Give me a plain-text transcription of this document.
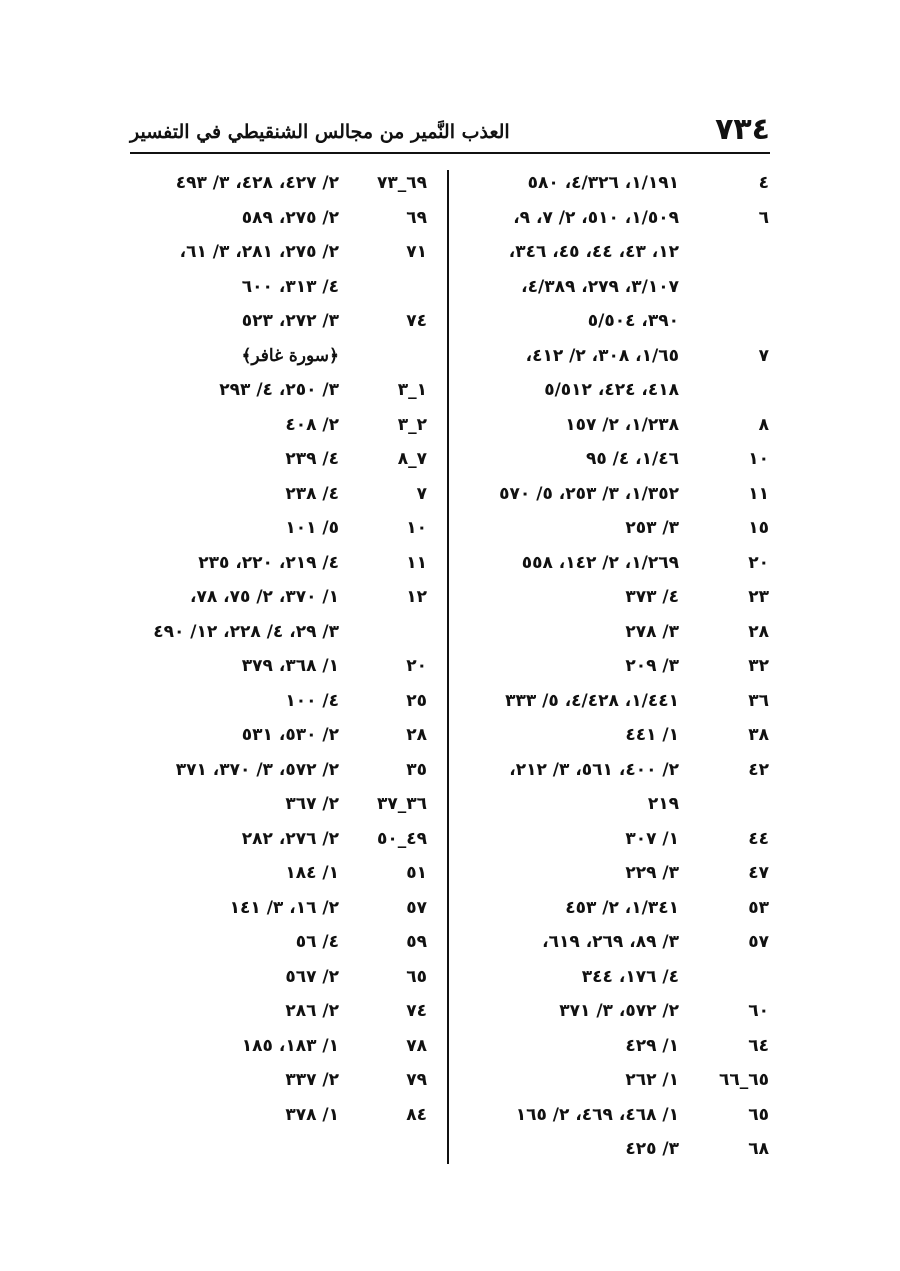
٧٣٤
العذب النَّمير من مجالس الشنقيطي في التفسير
٤
١/١٩١، ٤/٣٢٦، ٥٨٠
٦
١/٥٠٩، ٥١٠، ٢/ ٧، ٩،
١٢، ٤٣، ٤٤، ٤٥، ٣٤٦،
٣/١٠٧، ٢٧٩، ٤/٣٨٩،
٣٩٠، ٥/٥٠٤
٧
١/٦٥، ٣٠٨، ٢/ ٤١٢،
٤١٨، ٤٢٤، ٥/٥١٢
٨
١/٢٣٨، ٢/ ١٥٧
١٠
١/٤٦، ٤/ ٩٥
١١
١/٣٥٢، ٣/ ٢٥٣، ٥/ ٥٧٠
١٥
٣/ ٢٥٣
٢٠
١/٢٦٩، ٢/ ١٤٢، ٥٥٨
٢٣
٤/ ٣٧٣
٢٨
٣/ ٢٧٨
٣٢
٣/ ٢٠٩
٣٦
١/٤٤١، ٤/٤٢٨، ٥/ ٣٣٣
٣٨
١/ ٤٤١
٤٢
٢/ ٤٠٠، ٥٦١، ٣/ ٢١٢،
٢١٩
٤٤
١/ ٣٠٧
٤٧
٣/ ٢٢٩
٥٣
١/٣٤١، ٢/ ٤٥٣
٥٧
٣/ ٨٩، ٢٦٩، ٦١٩،
٤/ ١٧٦، ٣٤٤
٦٠
٢/ ٥٧٢، ٣/ ٣٧١
٦٤
١/ ٤٢٩
٦٥_٦٦
١/ ٢٦٢
٦٥
١/ ٤٦٨، ٤٦٩، ٢/ ١٦٥
٦٨
٣/ ٤٢٥
٦٩_٧٣
٢/ ٤٢٧، ٤٢٨، ٣/ ٤٩٣
٦٩
٢/ ٢٧٥، ٥٨٩
٧١
٢/ ٢٧٥، ٢٨١، ٣/ ٦١،
٤/ ٣١٣، ٦٠٠
٧٤
٣/ ٢٧٢، ٥٢٣
﴿سورة غافر﴾
١_٣
٣/ ٢٥٠، ٤/ ٢٩٣
٢_٣
٢/ ٤٠٨
٧_٨
٤/ ٢٣٩
٧
٤/ ٢٣٨
١٠
٥/ ١٠١
١١
٤/ ٢١٩، ٢٢٠، ٢٣٥
١٢
١/ ٣٧٠، ٢/ ٧٥، ٧٨،
٣/ ٢٩، ٤/ ٢٢٨، ١٢/ ٤٩٠
٢٠
١/ ٣٦٨، ٣٧٩
٢٥
٤/ ١٠٠
٢٨
٢/ ٥٣٠، ٥٣١
٣٥
٢/ ٥٧٢، ٣/ ٣٧٠، ٣٧١
٣٦_٣٧
٢/ ٣٦٧
٤٩_٥٠
٢/ ٢٧٦، ٢٨٢
٥١
١/ ١٨٤
٥٧
٢/ ١٦، ٣/ ١٤١
٥٩
٤/ ٥٦
٦٥
٢/ ٥٦٧
٧٤
٢/ ٢٨٦
٧٨
١/ ١٨٣، ١٨٥
٧٩
٢/ ٣٣٧
٨٤
١/ ٣٧٨
